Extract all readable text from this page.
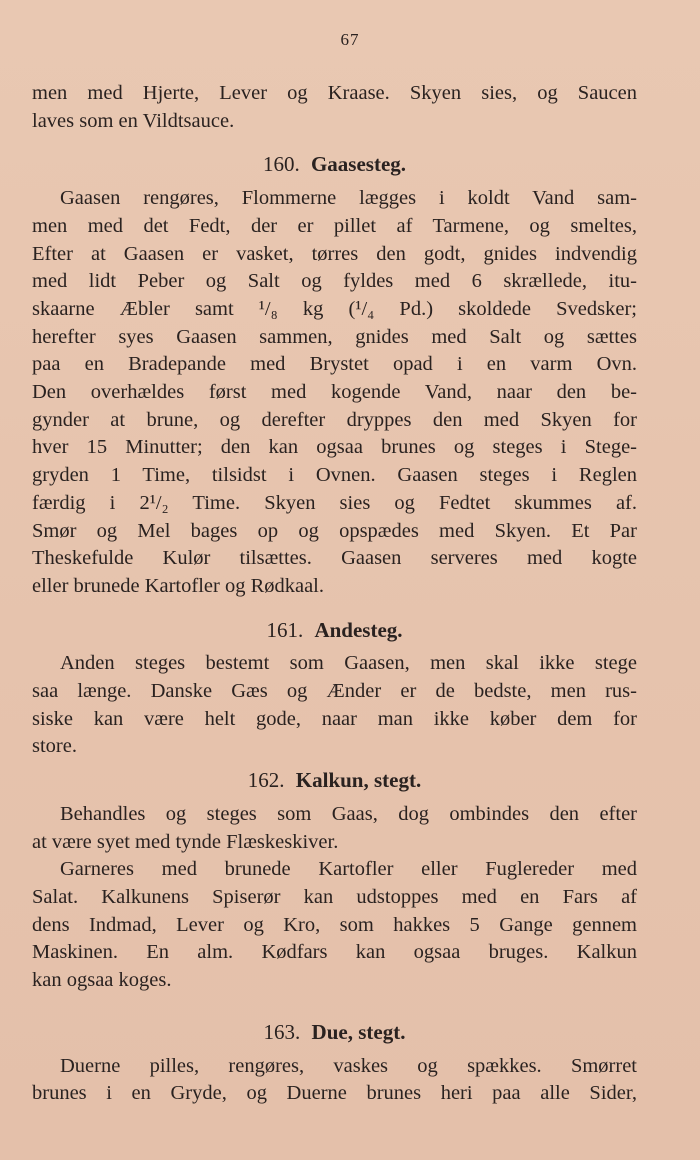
67
men med Hjerte, Lever og Kraase. Skyen sies, og Saucen
laves som en Vildtsauce.
160. Gaasesteg.
Gaasen rengøres, Flommerne lægges i koldt Vand sam-
men med det Fedt, der er pillet af Tarmene, og smeltes,
Efter at Gaasen er vasket, tørres den godt, gnides indvendig
med lidt Peber og Salt og fyldes med 6 skrællede, itu-
skaarne Æbler samt ¹/₈ kg (¹/₄ Pd.) skoldede Svedsker;
herefter syes Gaasen sammen, gnides med Salt og sættes
paa en Bradepande med Brystet opad i en varm Ovn.
Den overhældes først med kogende Vand, naar den be-
gynder at brune, og derefter dryppes den med Skyen for
hver 15 Minutter; den kan ogsaa brunes og steges i Stege-
gryden 1 Time, tilsidst i Ovnen. Gaasen steges i Reglen
færdig i 2¹/₂ Time. Skyen sies og Fedtet skummes af.
Smør og Mel bages op og opspædes med Skyen. Et Par
Theskefulde Kulør tilsættes. Gaasen serveres med kogte
eller brunede Kartofler og Rødkaal.
161. Andesteg.
Anden steges bestemt som Gaasen, men skal ikke stege
saa længe. Danske Gæs og Ænder er de bedste, men rus-
siske kan være helt gode, naar man ikke køber dem for
store.
162. Kalkun, stegt.
Behandles og steges som Gaas, dog ombindes den efter
at være syet med tynde Flæskeskiver.
Garneres med brunede Kartofler eller Fuglereder med
Salat. Kalkunens Spiserør kan udstoppes med en Fars af
dens Indmad, Lever og Kro, som hakkes 5 Gange gennem
Maskinen. En alm. Kødfars kan ogsaa bruges. Kalkun
kan ogsaa koges.
163. Due, stegt.
Duerne pilles, rengøres, vaskes og spækkes. Smørret
brunes i en Gryde, og Duerne brunes heri paa alle Sider,
